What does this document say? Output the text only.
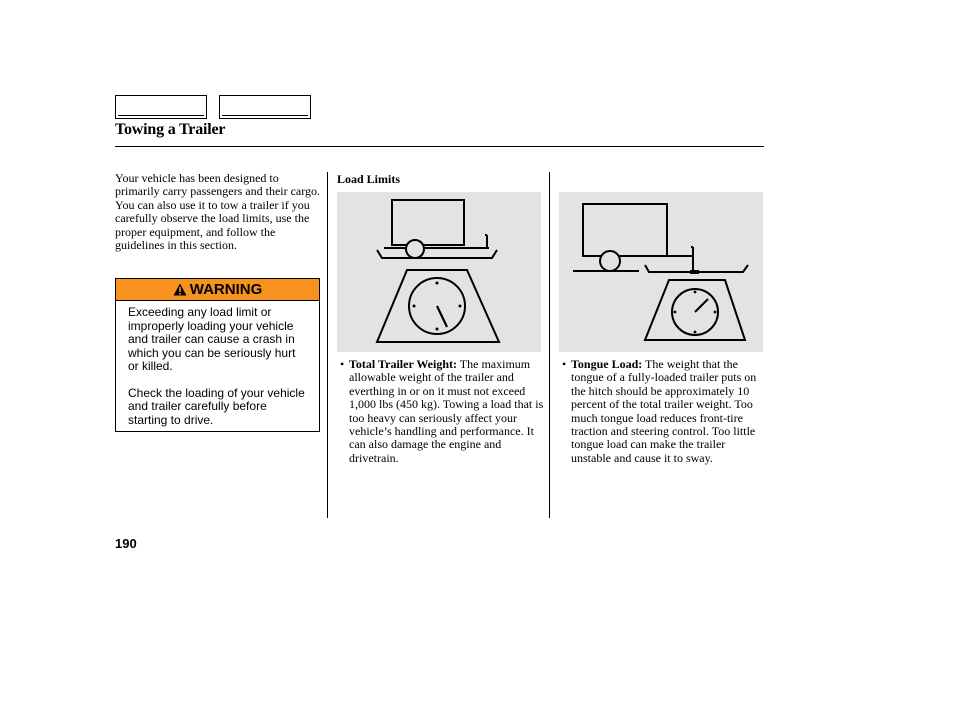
Towing a Trailer
Your vehicle has been designed to primarily carry passengers and their cargo. You can also use it to tow a trailer if you carefully observe the load limits, use the proper equipment, and follow the guidelines in this section.
WARNING

Exceeding any load limit or improperly loading your vehicle and trailer can cause a crash in which you can be seriously hurt or killed.

Check the loading of your vehicle and trailer carefully before starting to drive.

Load Limits
• Total Trailer Weight: The maximum allowable weight of the trailer and everthing in or on it must not exceed 1,000 lbs (450 kg). Towing a load that is too heavy can seriously affect your vehicle’s handling and performance. It can also damage the engine and drivetrain.
• Tongue Load: The weight that the tongue of a fully-loaded trailer puts on the hitch should be approximately 10 percent of the total trailer weight. Too much tongue load reduces front-tire traction and steering control. Too little tongue load can make the trailer unstable and cause it to sway.
190
